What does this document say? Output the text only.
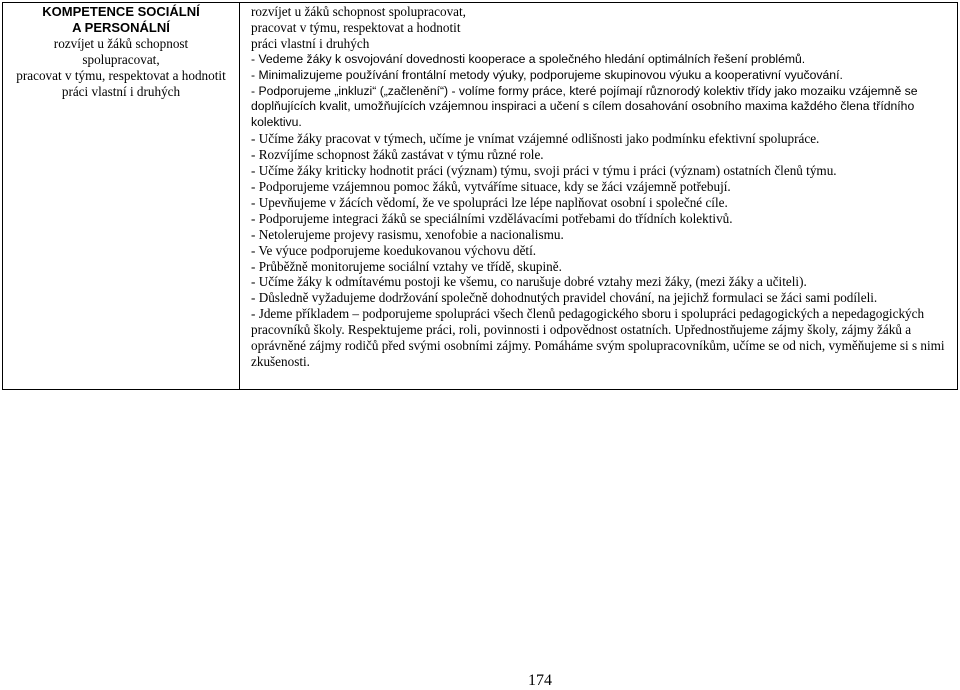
KOMPETENCE SOCIÁLNÍ
A PERSONÁLNÍ
rozvíjet u žáků schopnost
spolupracovat,
pracovat v týmu, respektovat a hodnotit
práci vlastní i druhých

rozvíjet u žáků schopnost spolupracovat,
pracovat v týmu, respektovat a hodnotit
práci vlastní i druhých
- Vedeme žáky k osvojování dovednosti kooperace a společného hledání optimálních řešení problémů.
- Minimalizujeme používání frontální metody výuky, podporujeme skupinovou výuku a kooperativní vyučování.
- Podporujeme „inkluzi“ („začlenění“) - volíme formy práce, které pojímají různorodý kolektiv třídy jako mozaiku vzájemně se doplňujících kvalit, umožňujících vzájemnou inspiraci a učení s cílem dosahování osobního maxima každého člena třídního kolektivu.
- Učíme žáky pracovat v týmech, učíme je vnímat vzájemné odlišnosti jako podmínku efektivní spolupráce.
- Rozvíjíme schopnost žáků zastávat v týmu různé role.
- Učíme žáky kriticky hodnotit práci (význam) týmu, svoji práci v týmu i práci (význam) ostatních členů týmu.
- Podporujeme vzájemnou pomoc žáků, vytváříme situace, kdy se žáci vzájemně potřebují.
- Upevňujeme v žácích vědomí, že ve spolupráci lze lépe naplňovat osobní i společné cíle.
- Podporujeme integraci žáků se speciálními vzdělávacími potřebami do třídních kolektivů.
- Netolerujeme projevy rasismu, xenofobie a nacionalismu.
- Ve výuce podporujeme koedukovanou výchovu dětí.
- Průběžně monitorujeme sociální vztahy ve třídě, skupině.
- Učíme žáky k odmítavému postoji ke všemu, co narušuje dobré vztahy mezi žáky, (mezi žáky a učiteli).
- Důsledně vyžadujeme dodržování společně dohodnutých pravidel chování, na jejichž formulaci se žáci sami podíleli.
- Jdeme příkladem – podporujeme spolupráci všech členů pedagogického sboru i spolupráci pedagogických a nepedagogických pracovníků školy. Respektujeme práci, roli, povinnosti i odpovědnost ostatních. Upřednostňujeme zájmy školy, zájmy žáků a oprávněné zájmy rodičů před svými osobními zájmy. Pomáháme svým spolupracovníkům, učíme se od nich, vyměňujeme si s nimi zkušenosti.
174
